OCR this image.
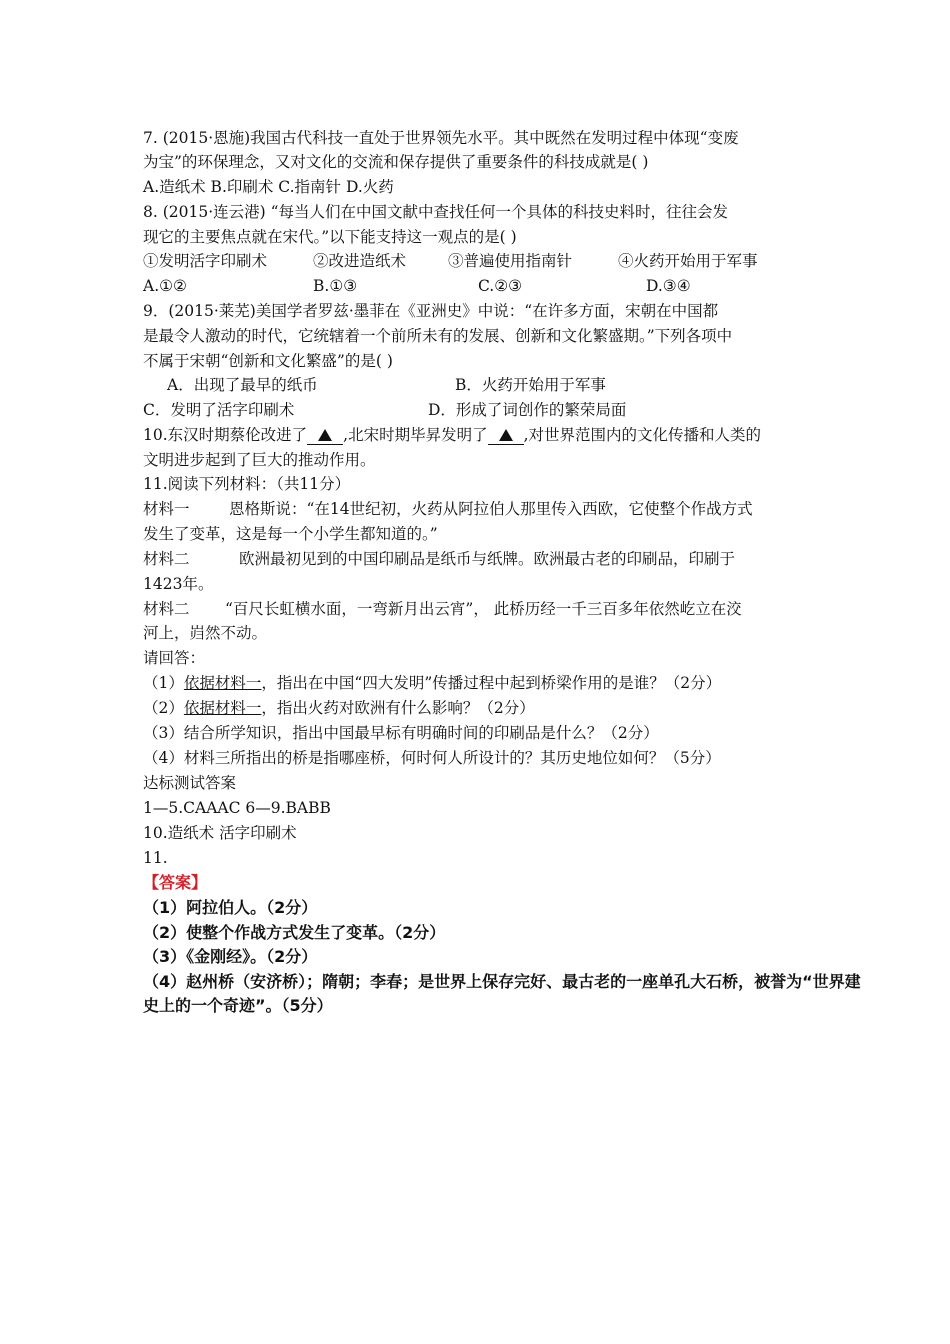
7. (2015·恩施)我国古代科技一直处于世界领先水平。其中既然在发明过程中体现“变废
为宝”的环保理念，又对文化的交流和保存提供了重要条件的科技成就是( )
A.造纸术 B.印刷术 C.指南针 D.火药
8. (2015·连云港) “每当人们在中国文献中查找任何一个具体的科技史料时，往往会发
现它的主要焦点就在宋代。”以下能支持这一观点的是( )
①发明活字印刷术	②改进造纸术	③普遍使用指南针	④火药开始用于军事
A.①②	B.①③	C.②③	D.③④
9．(2015·莱芜)美国学者罗兹·墨菲在《亚洲史》中说：“在许多方面，宋朝在中国都
是最令人激动的时代，它统辖着一个前所未有的发展、创新和文化繁盛期。”下列各项中
不属于宋朝“创新和文化繁盛”的是( )
A．出现了最早的纸币	B．火药开始用于军事
C．发明了活字印刷术	D．形成了词创作的繁荣局面
10.东汉时期蔡伦改进了 ,北宋时期毕昇发明了 ,对世界范围内的文化传播和人类的
文明进步起到了巨大的推动作用。
11.阅读下列材料：（共11分）
材料一	恩格斯说：“在14世纪初，火药从阿拉伯人那里传入西欧，它使整个作战方式
发生了变革，这是每一个小学生都知道的。”
材料二	欧洲最初见到的中国印刷品是纸币与纸牌。欧洲最古老的印刷品，印刷于
1423年。
材料二 “百尺长虹横水面，一弯新月出云宵”， 此桥历经一千三百多年依然屹立在洨
河上，岿然不动。
请回答：
（1）依据材料一，指出在中国“四大发明”传播过程中起到桥梁作用的是谁？（2分）
（2）依据材料一，指出火药对欧洲有什么影响？（2分）
（3）结合所学知识，指出中国最早标有明确时间的印刷品是什么？（2分）
（4）材料三所指出的桥是指哪座桥，何时何人所设计的？其历史地位如何？（5分）
达标测试答案
1—5.CAAAC 6—9.BABB
10.造纸术 活字印刷术
11.
【答案】
（1）阿拉伯人。（2分）
（2）使整个作战方式发生了变革。（2分）
（3）《金刚经》。（2分）
（4）赵州桥（安济桥）；隋朝；李春；是世界上保存完好、最古老的一座单孔大石桥，被誉为“世界建
史上的一个奇迹”。（5分）
